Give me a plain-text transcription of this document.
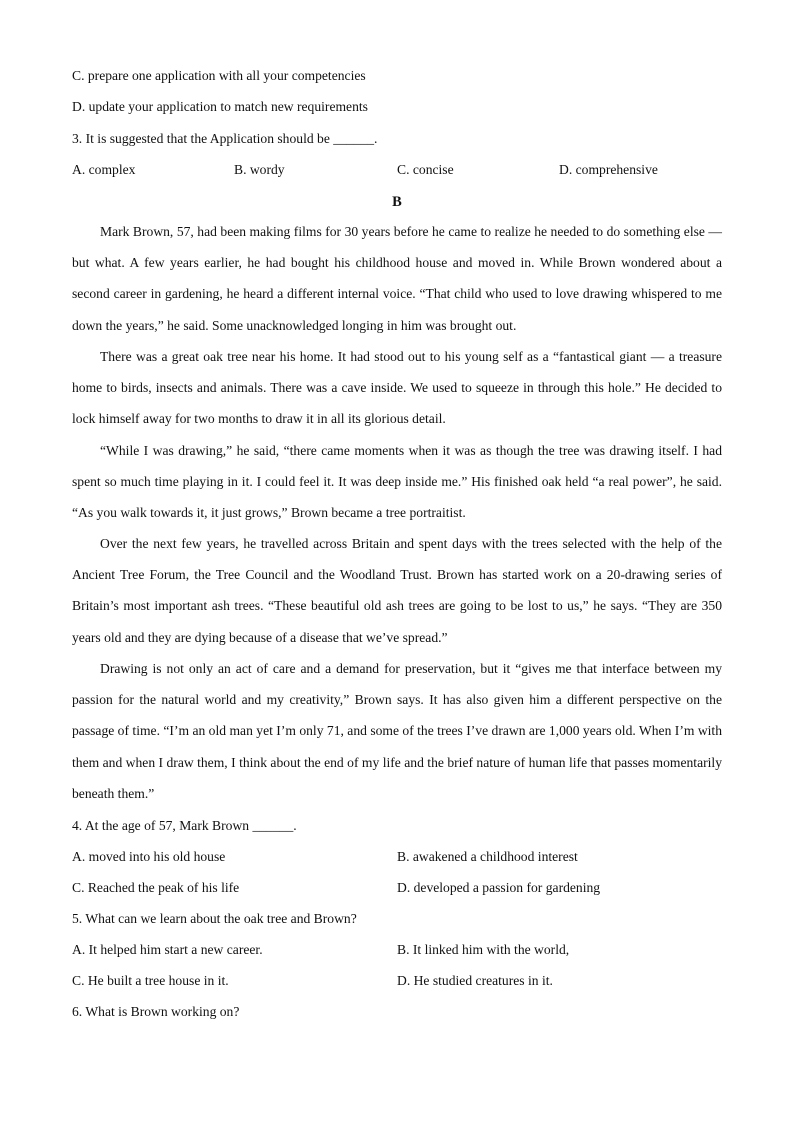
C. prepare one application with all your competencies
D. update your application to match new requirements
3. It is suggested that the Application should be ______.
A. complex	B. wordy	C. concise	D. comprehensive
B

Mark Brown, 57, had been making films for 30 years before he came to realize he needed to do something else — but what. A few years earlier, he had bought his childhood house and moved in. While Brown wondered about a second career in gardening, he heard a different internal voice. “That child who used to love drawing whispered to me down the years,” he said. Some unacknowledged longing in him was brought out.

There was a great oak tree near his home. It had stood out to his young self as a “fantastical giant — a treasure home to birds, insects and animals. There was a cave inside. We used to squeeze in through this hole.” He decided to lock himself away for two months to draw it in all its glorious detail.

“While I was drawing,” he said, “there came moments when it was as though the tree was drawing itself. I had spent so much time playing in it. I could feel it. It was deep inside me.” His finished oak held “a real power”, he said. “As you walk towards it, it just grows,” Brown became a tree portraitist.

Over the next few years, he travelled across Britain and spent days with the trees selected with the help of the Ancient Tree Forum, the Tree Council and the Woodland Trust. Brown has started work on a 20-drawing series of Britain’s most important ash trees. “These beautiful old ash trees are going to be lost to us,” he says. “They are 350 years old and they are dying because of a disease that we’ve spread.”

Drawing is not only an act of care and a demand for preservation, but it “gives me that interface between my passion for the natural world and my creativity,” Brown says. It has also given him a different perspective on the passage of time. “I’m an old man yet I’m only 71, and some of the trees I’ve drawn are 1,000 years old. When I’m with them and when I draw them, I think about the end of my life and the brief nature of human life that passes momentarily beneath them.”

4. At the age of 57, Mark Brown ______.
A. moved into his old house	B. awakened a childhood interest
C. Reached the peak of his life	D. developed a passion for gardening
5. What can we learn about the oak tree and Brown?
A. It helped him start a new career.	B. It linked him with the world,
C. He built a tree house in it.	D. He studied creatures in it.
6. What is Brown working on?
